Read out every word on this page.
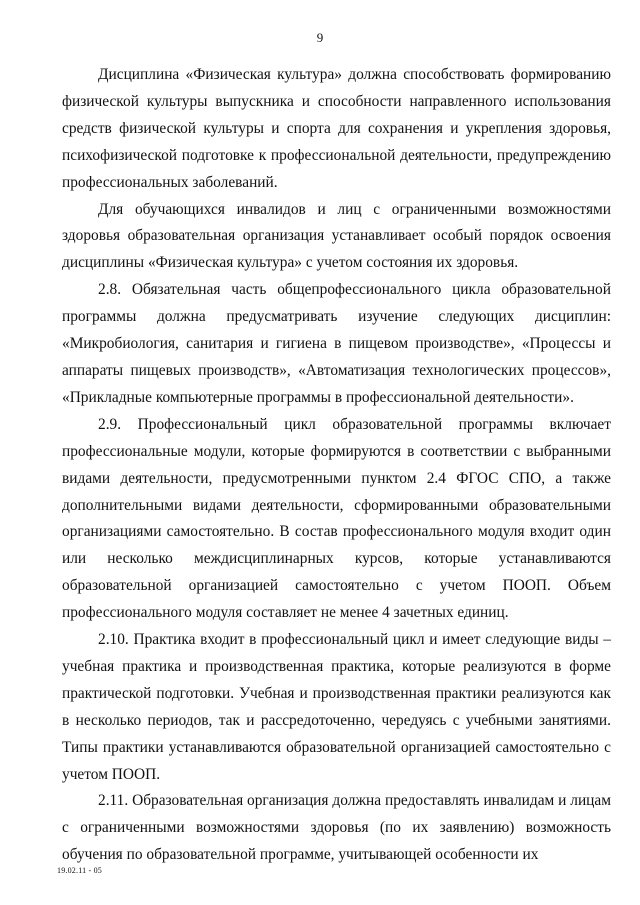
9

Дисциплина «Физическая культура» должна способствовать формированию физической культуры выпускника и способности направленного использования средств физической культуры и спорта для сохранения и укрепления здоровья, психофизической подготовке к профессиональной деятельности, предупреждению профессиональных заболеваний.

Для обучающихся инвалидов и лиц с ограниченными возможностями здоровья образовательная организация устанавливает особый порядок освоения дисциплины «Физическая культура» с учетом состояния их здоровья.

2.8. Обязательная часть общепрофессионального цикла образовательной программы должна предусматривать изучение следующих дисциплин: «Микробиология, санитария и гигиена в пищевом производстве», «Процессы и аппараты пищевых производств», «Автоматизация технологических процессов», «Прикладные компьютерные программы в профессиональной деятельности».

2.9. Профессиональный цикл образовательной программы включает профессиональные модули, которые формируются в соответствии с выбранными видами деятельности, предусмотренными пунктом 2.4 ФГОС СПО, а также дополнительными видами деятельности, сформированными образовательными организациями самостоятельно. В состав профессионального модуля входит один или несколько междисциплинарных курсов, которые устанавливаются образовательной организацией самостоятельно с учетом ПООП. Объем профессионального модуля составляет не менее 4 зачетных единиц.

2.10. Практика входит в профессиональный цикл и имеет следующие виды – учебная практика и производственная практика, которые реализуются в форме практической подготовки. Учебная и производственная практики реализуются как в несколько периодов, так и рассредоточенно, чередуясь с учебными занятиями. Типы практики устанавливаются образовательной организацией самостоятельно с учетом ПООП.

2.11. Образовательная организация должна предоставлять инвалидам и лицам с ограниченными возможностями здоровья (по их заявлению) возможность обучения по образовательной программе, учитывающей особенности их

19.02.11 - 05
